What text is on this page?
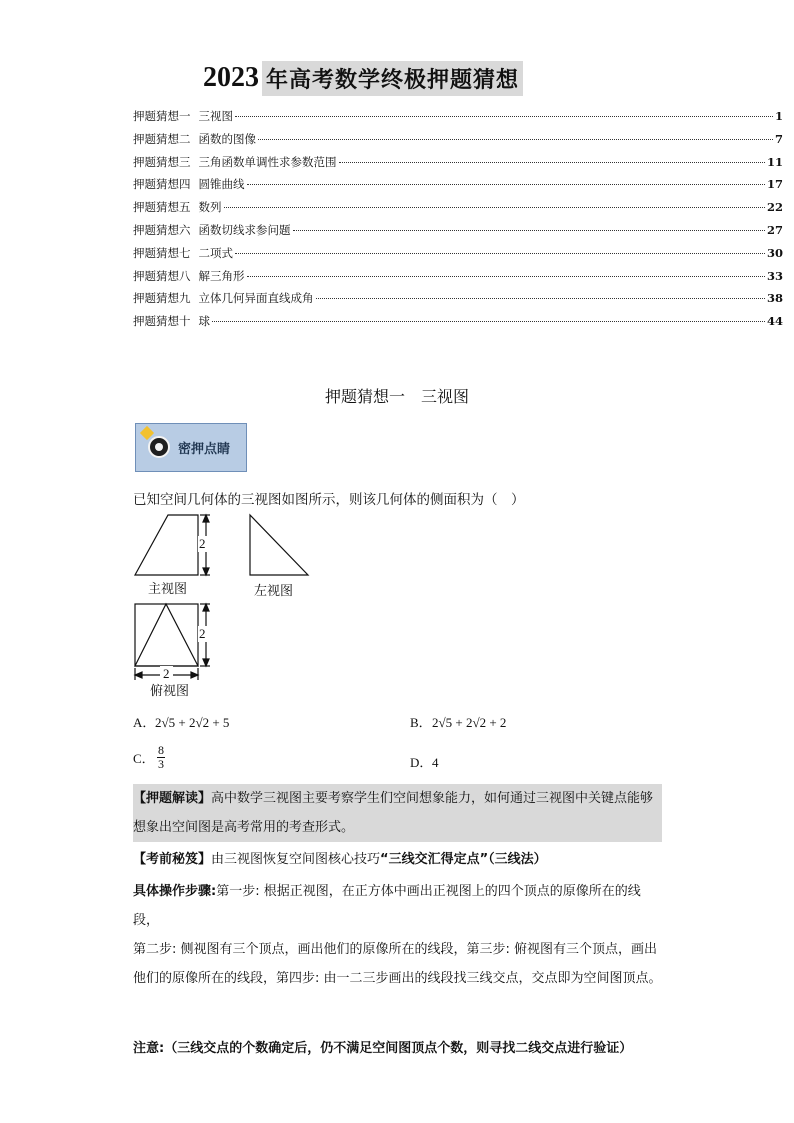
2023 年高考数学终极押题猜想
押题猜想一 三视图	1
押题猜想二 函数的图像	7
押题猜想三 三角函数单调性求参数范围	11
押题猜想四 圆锥曲线	17
押题猜想五 数列	22
押题猜想六 函数切线求参问题	27
押题猜想七 二项式	30
押题猜想八 解三角形	33
押题猜想九 立体几何异面直线成角	38
押题猜想十 球	44
押题猜想一　三视图
密押点睛
已知空间几何体的三视图如图所示，则该几何体的侧面积为（　）
2
主视图	左视图
2
2
俯视图
A．2√5 + 2√2 + 5	B．2√5 + 2√2 + 2
C． $\frac{8}{3}$	D．4
【押题解读】高中数学三视图主要考察学生们空间想象能力，如何通过三视图中关键点能够想象出空间图是高考常用的考查形式。
【考前秘笈】由三视图恢复空间图核心技巧“三线交汇得定点”（三线法）
具体操作步骤:第一步: 根据正视图，在正方体中画出正视图上的四个顶点的原像所在的线段，
第二步: 侧视图有三个顶点，画出他们的原像所在的线段，第三步: 俯视图有三个顶点，画出他们的原像所在的线段，第四步: 由一二三步画出的线段找三线交点，交点即为空间图顶点。
注意:（三线交点的个数确定后，仍不满足空间图顶点个数，则寻找二线交点进行验证）
